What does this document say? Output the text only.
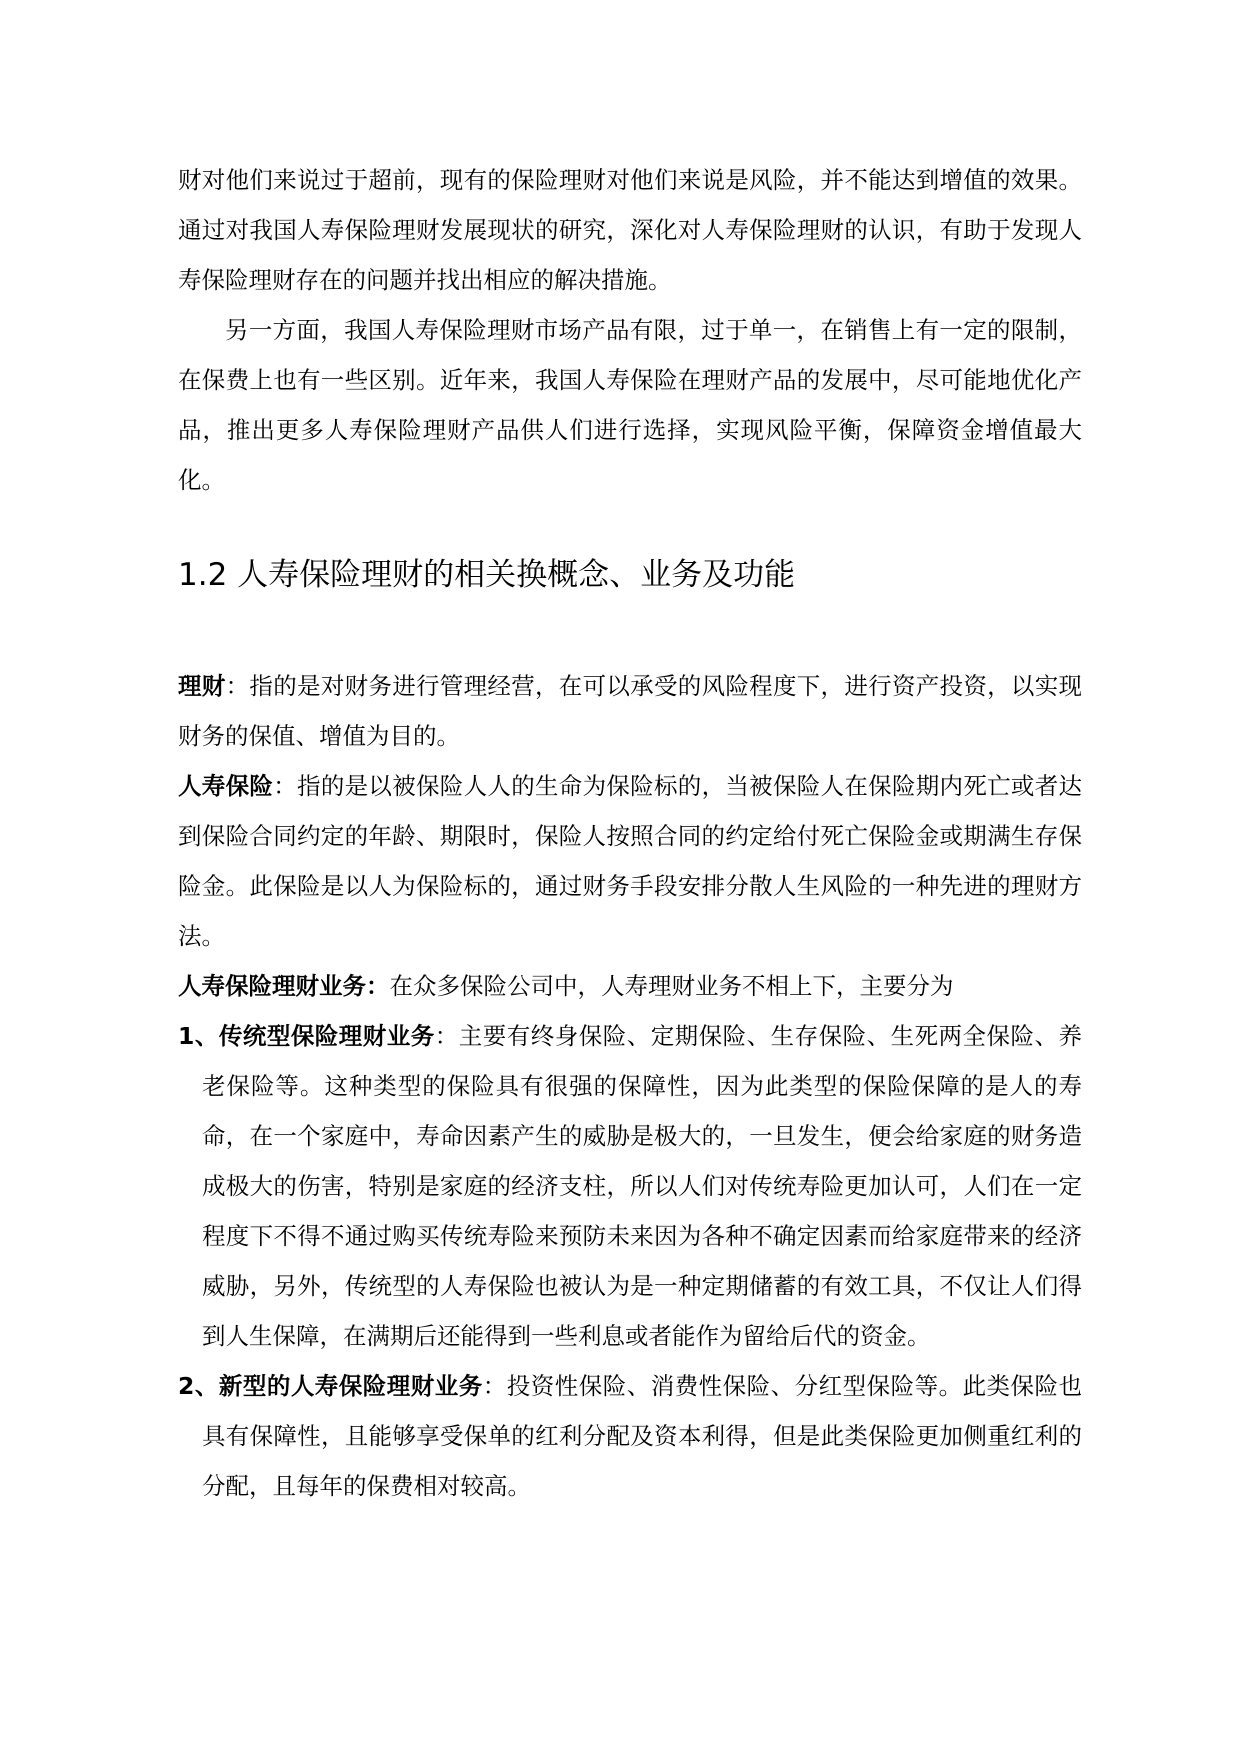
财对他们来说过于超前，现有的保险理财对他们来说是风险，并不能达到增值的效果。通过对我国人寿保险理财发展现状的研究，深化对人寿保险理财的认识，有助于发现人寿保险理财存在的问题并找出相应的解决措施。

另一方面，我国人寿保险理财市场产品有限，过于单一，在销售上有一定的限制，在保费上也有一些区别。近年来，我国人寿保险在理财产品的发展中，尽可能地优化产品，推出更多人寿保险理财产品供人们进行选择，实现风险平衡，保障资金增值最大化。

1.2 人寿保险理财的相关换概念、业务及功能

理财：指的是对财务进行管理经营，在可以承受的风险程度下，进行资产投资，以实现财务的保值、增值为目的。

人寿保险：指的是以被保险人人的生命为保险标的，当被保险人在保险期内死亡或者达到保险合同约定的年龄、期限时，保险人按照合同的约定给付死亡保险金或期满生存保险金。此保险是以人为保险标的，通过财务手段安排分散人生风险的一种先进的理财方法。

人寿保险理财业务：在众多保险公司中，人寿理财业务不相上下，主要分为

1、传统型保险理财业务：主要有终身保险、定期保险、生存保险、生死两全保险、养老保险等。这种类型的保险具有很强的保障性，因为此类型的保险保障的是人的寿命，在一个家庭中，寿命因素产生的威胁是极大的，一旦发生，便会给家庭的财务造成极大的伤害，特别是家庭的经济支柱，所以人们对传统寿险更加认可，人们在一定程度下不得不通过购买传统寿险来预防未来因为各种不确定因素而给家庭带来的经济威胁，另外，传统型的人寿保险也被认为是一种定期储蓄的有效工具，不仅让人们得到人生保障，在满期后还能得到一些利息或者能作为留给后代的资金。

2、新型的人寿保险理财业务：投资性保险、消费性保险、分红型保险等。此类保险也具有保障性，且能够享受保单的红利分配及资本利得，但是此类保险更加侧重红利的分配，且每年的保费相对较高。
